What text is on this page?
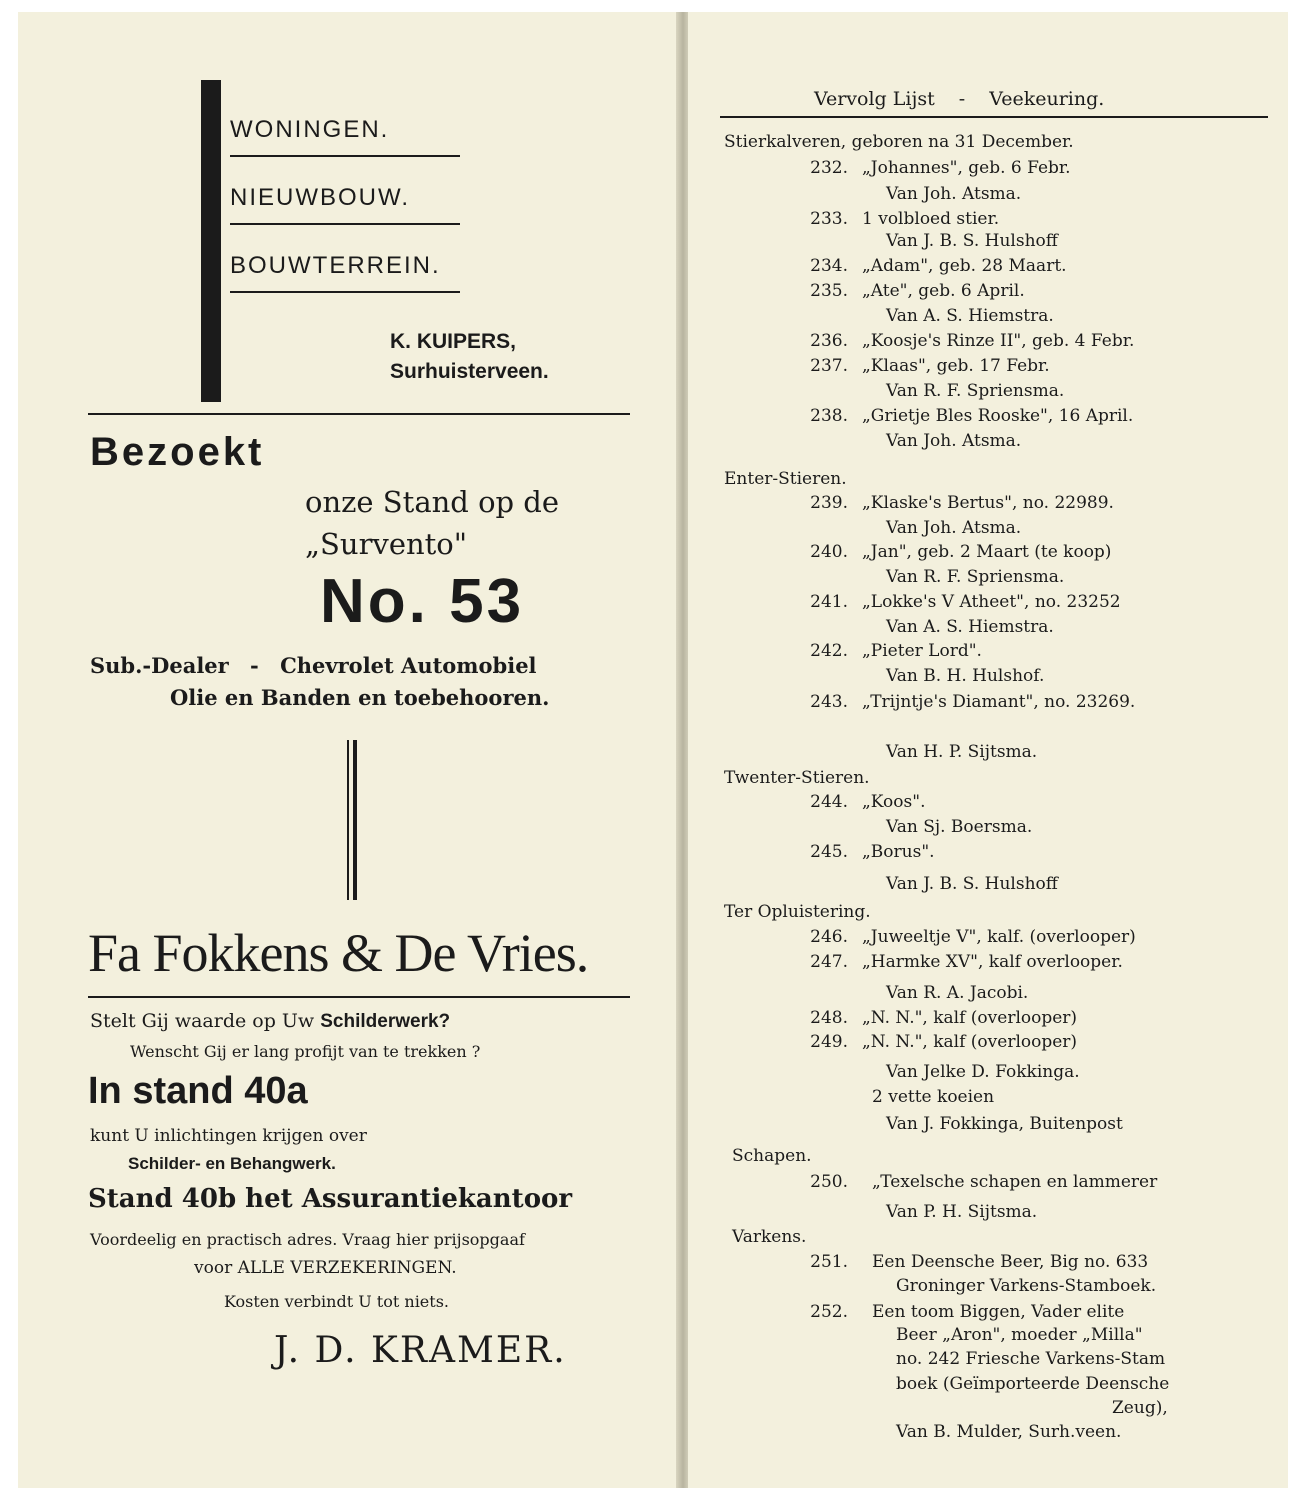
WONINGEN.
NIEUWBOUW.
BOUWTERREIN.
K. KUIPERS,
Surhuisterveen.
Bezoekt
onze Stand op de
„Survento"
No. 53
Sub.-Dealer - Chevrolet Automobiel
Olie en Banden en toebehooren.
Fa Fokkens & De Vries.
Stelt Gij waarde op Uw Schilderwerk?
Wenscht Gij er lang profijt van te trekken ?
In stand 40a
kunt U inlichtingen krijgen over
Schilder- en Behangwerk.
Stand 40b het Assurantiekantoor
Voordeelig en practisch adres. Vraag hier prijsopgaaf
voor ALLE VERZEKERINGEN.
Kosten verbindt U tot niets.
J. D. KRAMER.
Vervolg Lijst - Veekeuring.
Stierkalveren, geboren na 31 December.
232. „Johannes", geb. 6 Febr.
Van Joh. Atsma.
233. 1 volbloed stier.
Van J. B. S. Hulshoff
234. „Adam", geb. 28 Maart.
235. „Ate", geb. 6 April.
Van A. S. Hiemstra.
236. „Koosje's Rinze II", geb. 4 Febr.
237. „Klaas", geb. 17 Febr.
Van R. F. Spriensma.
238. „Grietje Bles Rooske", 16 April.
Van Joh. Atsma.
Enter-Stieren.
239. „Klaske's Bertus", no. 22989.
Van Joh. Atsma.
240. „Jan", geb. 2 Maart (te koop)
Van R. F. Spriensma.
241. „Lokke's V Atheet", no. 23252
Van A. S. Hiemstra.
242. „Pieter Lord".
Van B. H. Hulshof.
243. „Trijntje's Diamant", no. 23269.
Van H. P. Sijtsma.
Twenter-Stieren.
244. „Koos".
Van Sj. Boersma.
245. „Borus".
Van J. B. S. Hulshoff
Ter Opluistering.
246. „Juweeltje V", kalf. (overlooper)
247. „Harmke XV", kalf overlooper.
Van R. A. Jacobi.
248. „N. N.", kalf (overlooper)
249. „N. N.", kalf (overlooper)
Van Jelke D. Fokkinga.
2 vette koeien
Van J. Fokkinga, Buitenpost
Schapen.
250. „Texelsche schapen en lammerer
Van P. H. Sijtsma.
Varkens.
251. Een Deensche Beer, Big no. 633
Groninger Varkens-Stamboek.
252. Een toom Biggen, Vader elite
Beer „Aron", moeder „Milla"
no. 242 Friesche Varkens-Stam
boek (Geïmporteerde Deensche
Zeug),
Van B. Mulder, Surh.veen.
